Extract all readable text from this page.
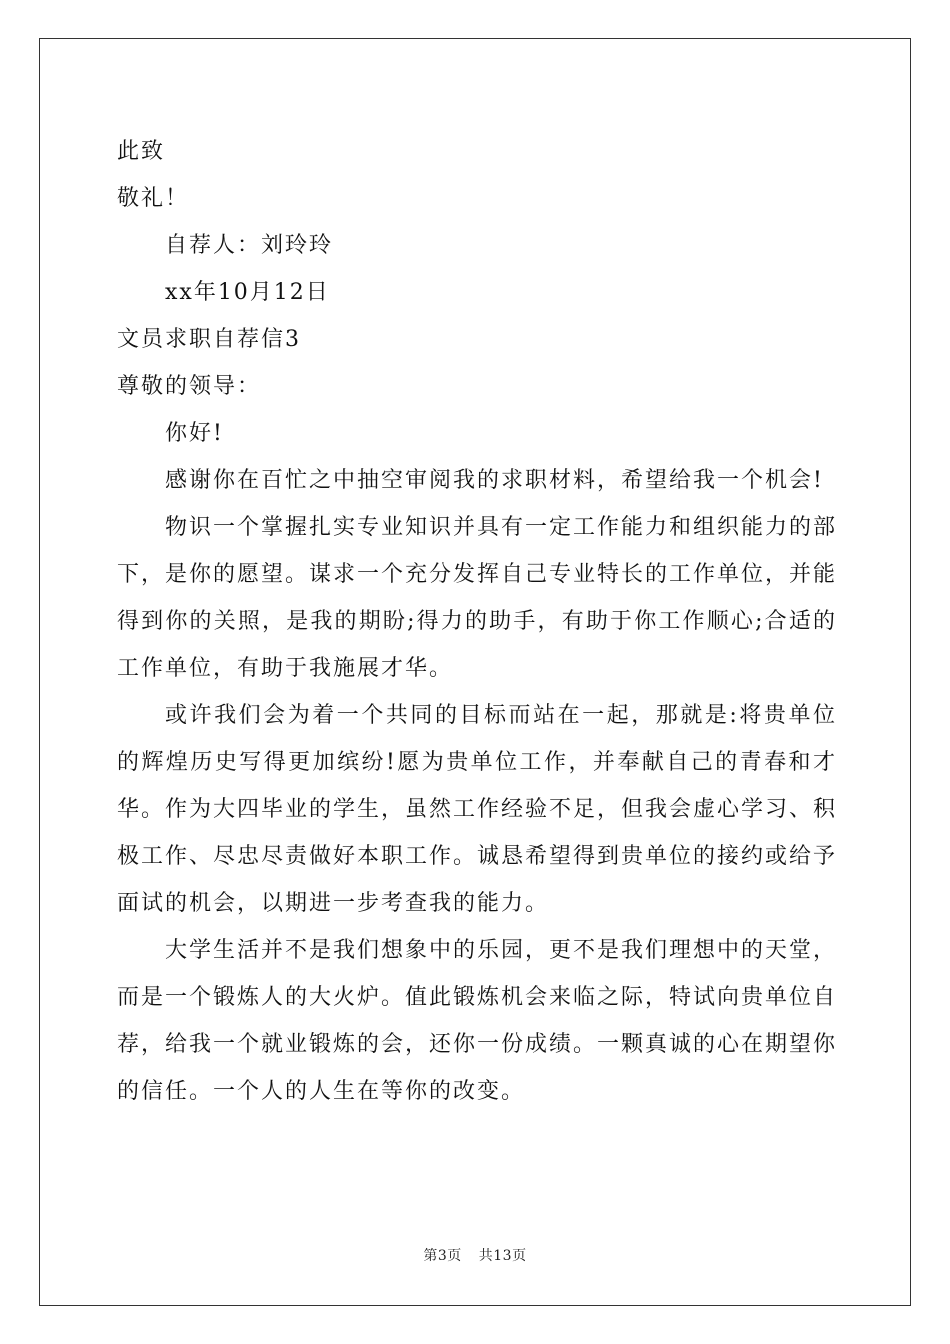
此致

敬礼！

自荐人：刘玲玲

xx年10月12日

文员求职自荐信3

尊敬的领导：

你好!

感谢你在百忙之中抽空审阅我的求职材料，希望给我一个机会!

物识一个掌握扎实专业知识并具有一定工作能力和组织能力的部下，是你的愿望。谋求一个充分发挥自己专业特长的工作单位，并能得到你的关照，是我的期盼;得力的助手，有助于你工作顺心;合适的工作单位，有助于我施展才华。

或许我们会为着一个共同的目标而站在一起，那就是:将贵单位的辉煌历史写得更加缤纷!愿为贵单位工作，并奉献自己的青春和才华。作为大四毕业的学生，虽然工作经验不足，但我会虚心学习、积极工作、尽忠尽责做好本职工作。诚恳希望得到贵单位的接约或给予面试的机会，以期进一步考查我的能力。

大学生活并不是我们想象中的乐园，更不是我们理想中的天堂，而是一个锻炼人的大火炉。值此锻炼机会来临之际，特试向贵单位自荐，给我一个就业锻炼的会，还你一份成绩。一颗真诚的心在期望你的信任。一个人的人生在等你的改变。

第3页 共13页
